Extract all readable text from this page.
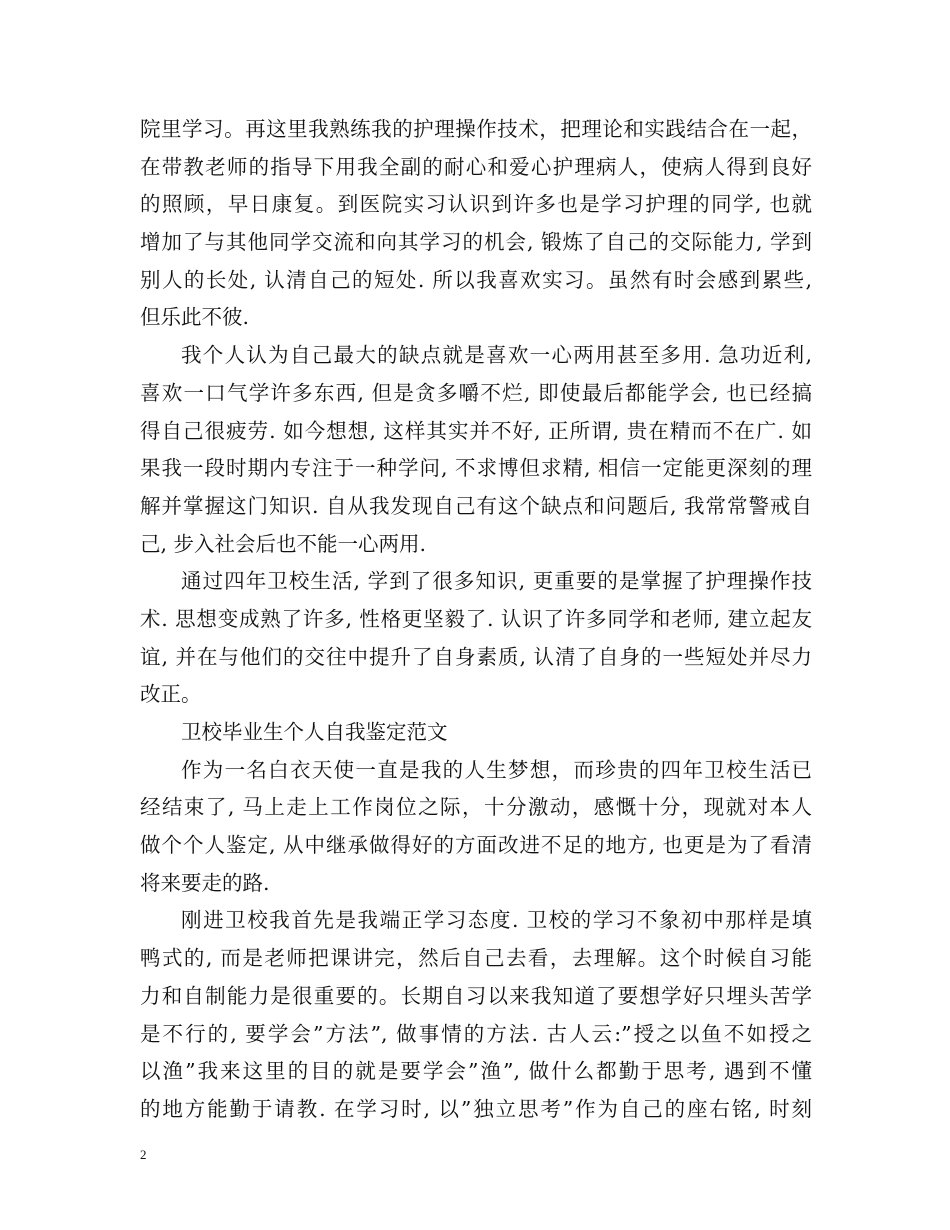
院里学习。再这里我熟练我的护理操作技术，把理论和实践结合在一起，
在带教老师的指导下用我全副的耐心和爱心护理病人，使病人得到良好
的照顾，早日康复。到医院实习认识到许多也是学习护理的同学, 也就
增加了与其他同学交流和向其学习的机会, 锻炼了自己的交际能力, 学到
别人的长处, 认清自己的短处. 所以我喜欢实习。虽然有时会感到累些,
但乐此不彼.
我个人认为自己最大的缺点就是喜欢一心两用甚至多用. 急功近利,
喜欢一口气学许多东西, 但是贪多嚼不烂, 即使最后都能学会, 也已经搞
得自己很疲劳. 如今想想, 这样其实并不好, 正所谓, 贵在精而不在广. 如
果我一段时期内专注于一种学问, 不求博但求精, 相信一定能更深刻的理
解并掌握这门知识. 自从我发现自己有这个缺点和问题后, 我常常警戒自
己, 步入社会后也不能一心两用.
通过四年卫校生活, 学到了很多知识, 更重要的是掌握了护理操作技
术. 思想变成熟了许多, 性格更坚毅了. 认识了许多同学和老师, 建立起友
谊, 并在与他们的交往中提升了自身素质, 认清了自身的一些短处并尽力
改正。
卫校毕业生个人自我鉴定范文
作为一名白衣天使一直是我的人生梦想，而珍贵的四年卫校生活已
经结束了, 马上走上工作岗位之际，十分激动，感慨十分，现就对本人
做个个人鉴定, 从中继承做得好的方面改进不足的地方, 也更是为了看清
将来要走的路.
刚进卫校我首先是我端正学习态度. 卫校的学习不象初中那样是填
鸭式的, 而是老师把课讲完，然后自己去看，去理解。这个时候自习能
力和自制能力是很重要的。长期自习以来我知道了要想学好只埋头苦学
是不行的, 要学会”方法”, 做事情的方法. 古人云:”授之以鱼不如授之
以渔”我来这里的目的就是要学会”渔”, 做什么都勤于思考, 遇到不懂
的地方能勤于请教. 在学习时, 以”独立思考”作为自己的座右铭, 时刻
2
